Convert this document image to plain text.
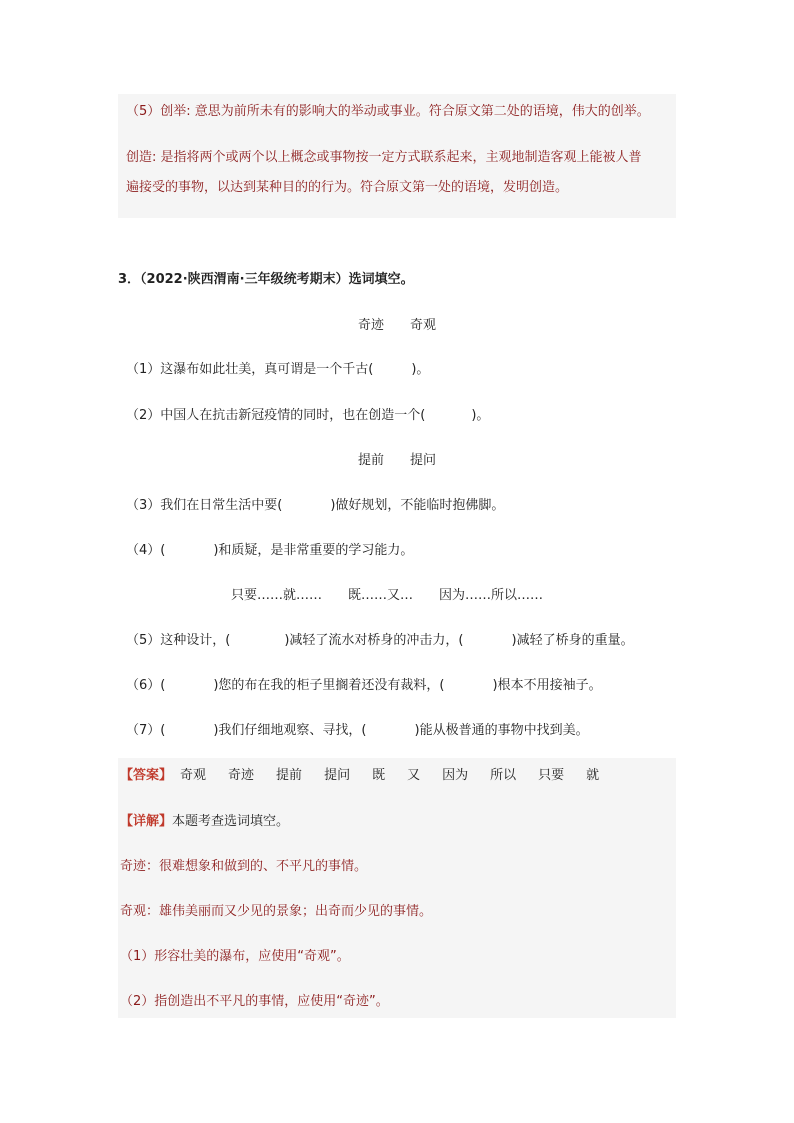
（5）创举: 意思为前所未有的影响大的举动或事业。符合原文第二处的语境，伟大的创举。
创造: 是指将两个或两个以上概念或事物按一定方式联系起来，主观地制造客观上能被人普
遍接受的事物，以达到某种目的的行为。符合原文第一处的语境，发明创造。
3．（2022·陕西渭南·三年级统考期末）选词填空。
奇迹　　奇观
（1）这瀑布如此壮美，真可谓是一个千古(	)。
（2）中国人在抗击新冠疫情的同时，也在创造一个(	)。
提前　　提问
（3）我们在日常生活中要(	)做好规划，不能临时抱佛脚。
（4）(	)和质疑，是非常重要的学习能力。
只要……就……　　既……又…　　因为……所以……
（5）这种设计，(	)减轻了流水对桥身的冲击力，(	)减轻了桥身的重量。
（6）(	)您的布在我的柜子里搁着还没有裁料，(	)根本不用接袖子。
（7）(	)我们仔细地观察、寻找，(	)能从极普通的事物中找到美。
【答案】 奇观 奇迹 提前 提问 既 又 因为 所以 只要 就
【详解】本题考查选词填空。
奇迹：很难想象和做到的、不平凡的事情。
奇观：雄伟美丽而又少见的景象；出奇而少见的事情。
（1）形容壮美的瀑布，应使用“奇观”。
（2）指创造出不平凡的事情，应使用“奇迹”。
